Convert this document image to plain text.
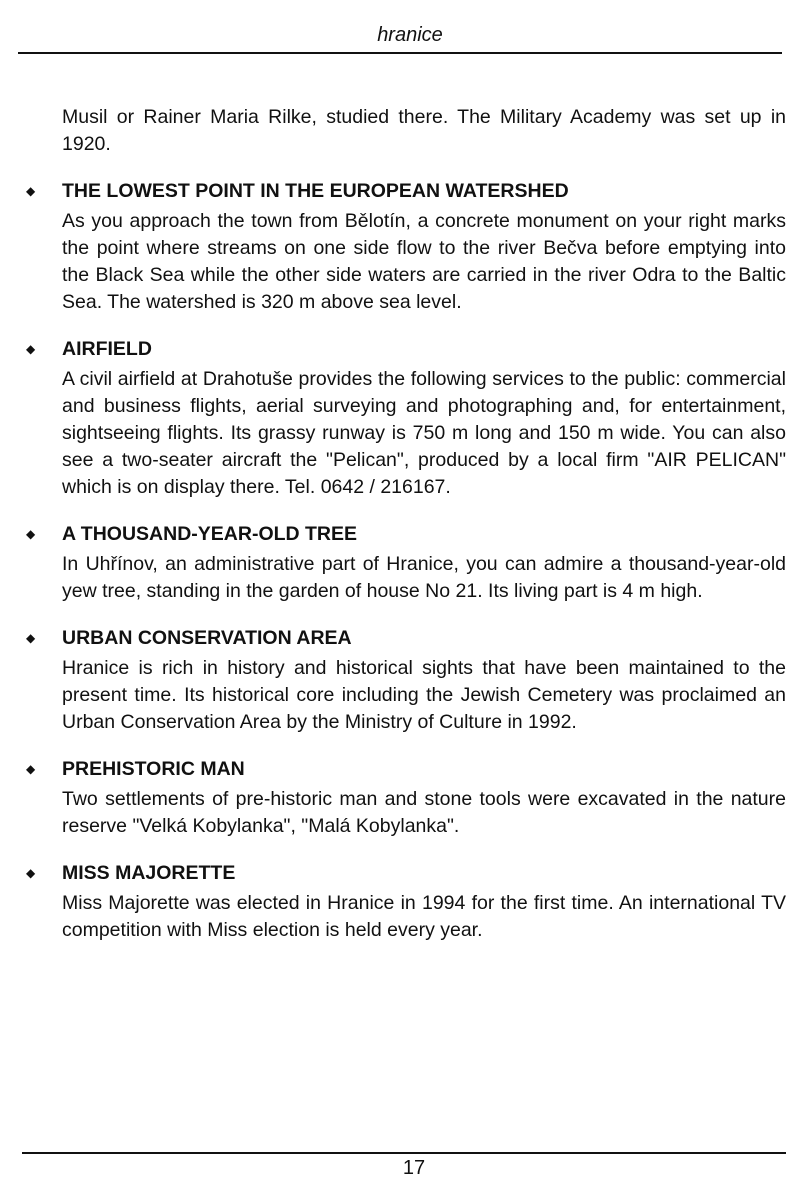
hranice

Musil or Rainer Maria Rilke, studied there. The Military Academy was set up in 1920.

◆	THE LOWEST POINT IN THE EUROPEAN WATERSHED

As you approach the town from Bělotín, a concrete monument on your right marks the point where streams on one side flow to the river Bečva before emptying into the Black Sea while the other side waters are carried in the river Odra to the Baltic Sea. The watershed is 320 m above sea level.

◆	AIRFIELD

A civil airfield at Drahotuše provides the following services to the public: commercial and business flights, aerial surveying and photographing and, for entertainment, sightseeing flights. Its grassy runway is 750 m long and 150 m wide. You can also see a two-seater aircraft the "Pelican", produced by a local firm "AIR PELICAN" which is on display there. Tel. 0642 / 216167.

◆	A THOUSAND-YEAR-OLD TREE

In Uhřínov, an administrative part of Hranice, you can admire a thousand-year-old yew tree, standing in the garden of house No 21. Its living part is 4 m high.

◆	URBAN CONSERVATION AREA

Hranice is rich in history and historical sights that have been maintained to the present time. Its historical core including the Jewish Cemetery was proclaimed an Urban Conservation Area by the Ministry of Culture in 1992.

◆	PREHISTORIC MAN

Two settlements of pre-historic man and stone tools were excavated in the nature reserve "Velká Kobylanka", "Malá Kobylanka".

◆	MISS MAJORETTE

Miss Majorette was elected in Hranice in 1994 for the first time. An international TV competition with Miss election is held every year.

17
